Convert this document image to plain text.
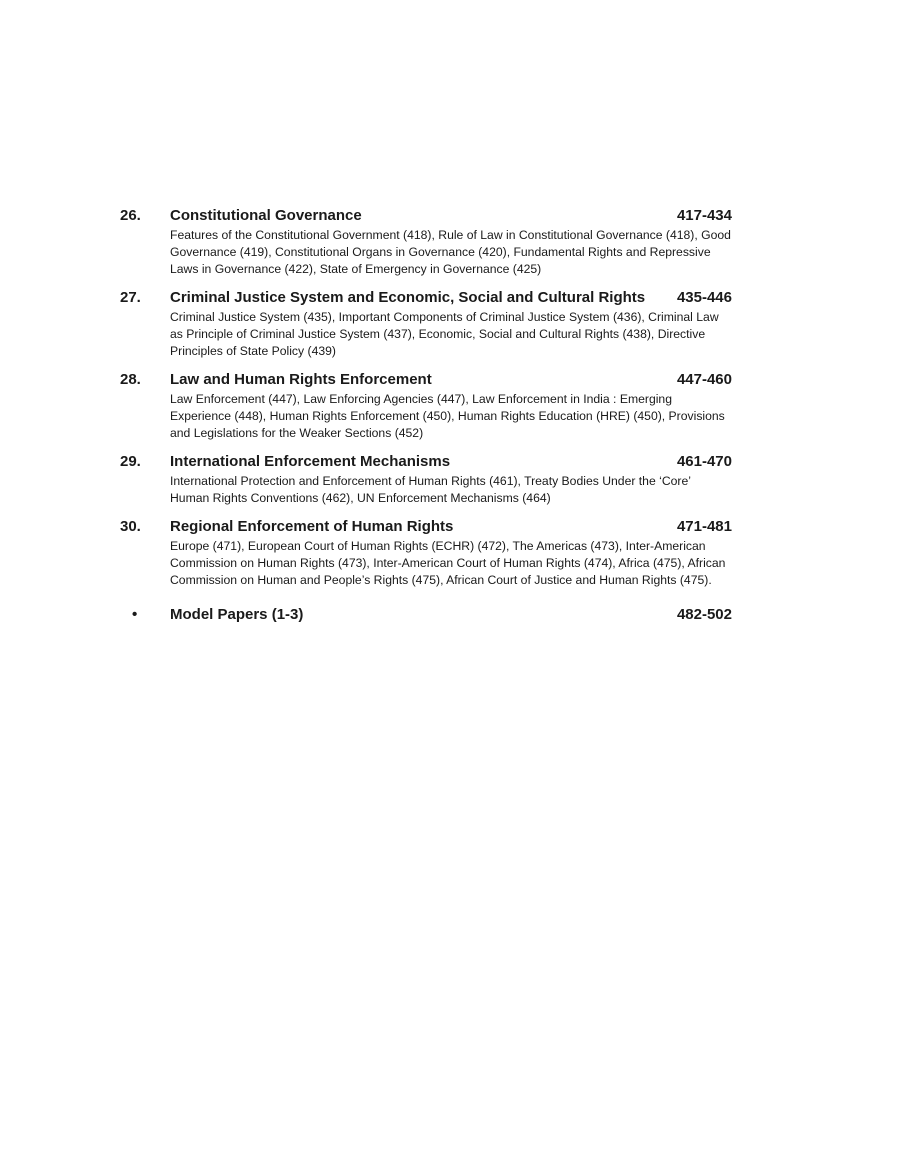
26.	Constitutional Governance	417-434
Features of the Constitutional Government (418), Rule of Law in Constitutional Governance (418), Good Governance (419), Constitutional Organs in Governance (420), Fundamental Rights and Repressive Laws in Governance (422), State of Emergency in Governance (425)
27.	Criminal Justice System and Economic, Social and Cultural Rights	435-446
Criminal Justice System (435), Important Components of Criminal Justice System (436), Criminal Law as Principle of Criminal Justice System (437), Economic, Social and Cultural Rights (438), Directive Principles of State Policy (439)
28.	Law and Human Rights Enforcement	447-460
Law Enforcement (447), Law Enforcing Agencies (447), Law Enforcement in India : Emerging Experience (448), Human Rights Enforcement (450), Human Rights Education (HRE) (450), Provisions and Legislations for the Weaker Sections (452)
29.	International Enforcement Mechanisms	461-470
International Protection and Enforcement of Human Rights (461), Treaty Bodies Under the ‘Core’ Human Rights Conventions (462), UN Enforcement Mechanisms (464)
30.	Regional Enforcement of Human Rights	471-481
Europe (471), European Court of Human Rights (ECHR) (472), The Americas (473), Inter-American Commission on Human Rights (473), Inter-American Court of Human Rights (474), Africa (475), African Commission on Human and People’s Rights (475), African Court of Justice and Human Rights (475).
•	Model Papers (1-3)	482-502
